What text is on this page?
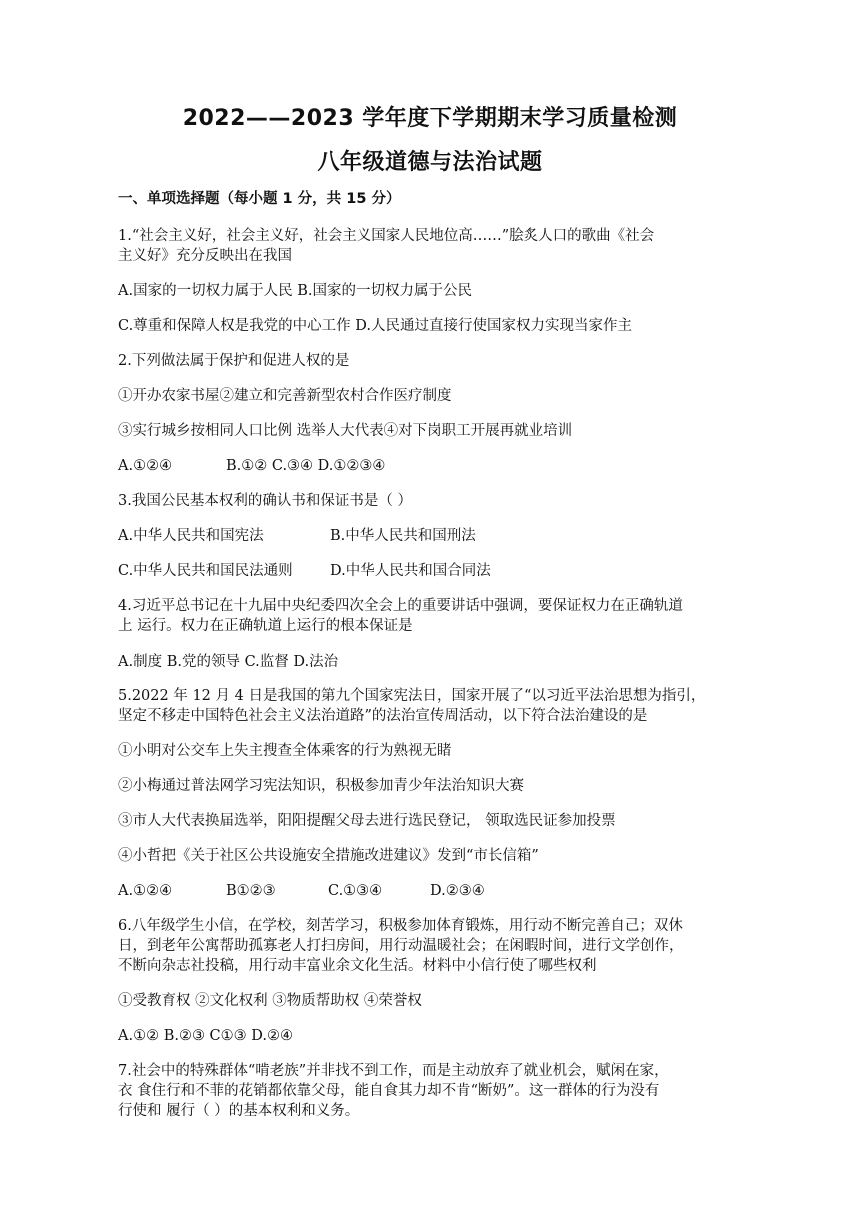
2022——2023 学年度下学期期末学习质量检测
八年级道德与法治试题
一、单项选择题（每小题 1 分，共 15 分）
1.“社会主义好，社会主义好，社会主义国家人民地位高……”脍炙人口的歌曲《社会
主义好》充分反映出在我国
A.国家的一切权力属于人民 B.国家的一切权力属于公民
C.尊重和保障人权是我党的中心工作 D.人民通过直接行使国家权力实现当家作主
2.下列做法属于保护和促进人权的是
①开办农家书屋②建立和完善新型农村合作医疗制度
③实行城乡按相同人口比例 选举人大代表④对下岗职工开展再就业培训
A.①②④	B.①② C.③④ D.①②③④
3.我国公民基本权利的确认书和保证书是（ ）
A.中华人民共和国宪法	B.中华人民共和国刑法
C.中华人民共和国民法通则	D.中华人民共和国合同法
4.习近平总书记在十九届中央纪委四次全会上的重要讲话中强调，要保证权力在正确轨道
上 运行。权力在正确轨道上运行的根本保证是
A.制度 B.党的领导 C.监督 D.法治
5.2022 年 12 月 4 日是我国的第九个国家宪法日，国家开展了“以习近平法治思想为指引，
坚定不移走中国特色社会主义法治道路”的法治宣传周活动，以下符合法治建设的是
①小明对公交车上失主搜查全体乘客的行为熟视无睹
②小梅通过普法网学习宪法知识，积极参加青少年法治知识大赛
③市人大代表换届选举，阳阳提醒父母去进行选民登记， 领取选民证参加投票
④小哲把《关于社区公共设施安全措施改进建议》发到“市长信箱”
A.①②④	B①②③	C.①③④	D.②③④
6.八年级学生小信，在学校，刻苦学习，积极参加体育锻炼，用行动不断完善自己；双休
日，到老年公寓帮助孤寡老人打扫房间，用行动温暖社会；在闲暇时间，进行文学创作，
不断向杂志社投稿，用行动丰富业余文化生活。材料中小信行使了哪些权利
①受教育权 ②文化权利 ③物质帮助权 ④荣誉权
A.①② B.②③ C①③ D.②④
7.社会中的特殊群体“啃老族”并非找不到工作，而是主动放弃了就业机会，赋闲在家，
衣 食住行和不菲的花销都依靠父母，能自食其力却不肯“断奶”。这一群体的行为没有
行使和 履行（ ）的基本权利和义务。
